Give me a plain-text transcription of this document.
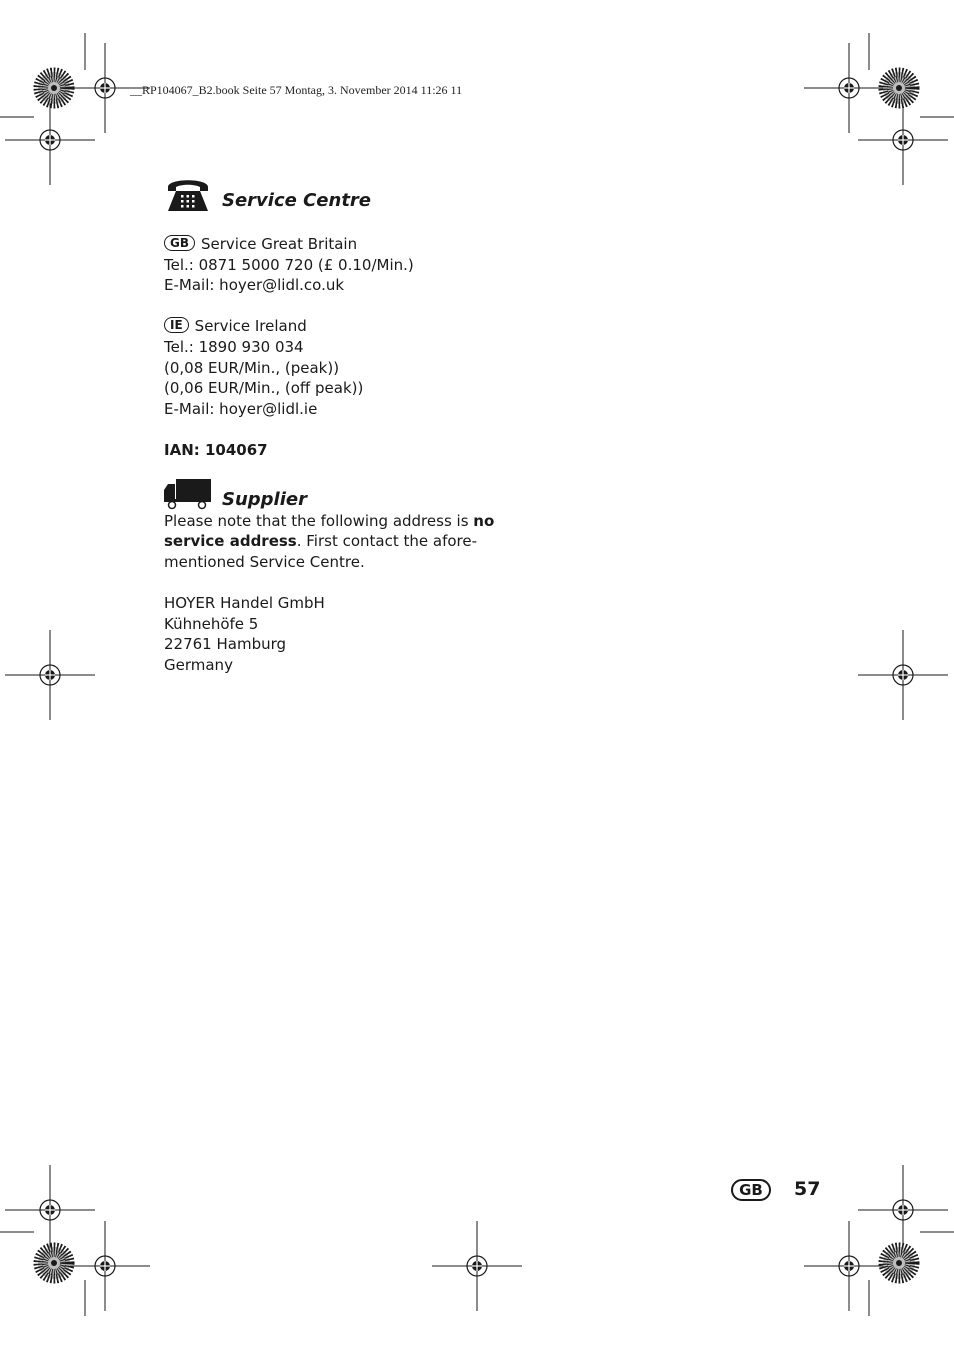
__RP104067_B2.book Seite 57 Montag, 3. November 2014 11:26 11
Service Centre
GB Service Great Britain
Tel.: 0871 5000 720 (£ 0.10/Min.)
E-Mail: hoyer@lidl.co.uk
IE Service Ireland
Tel.: 1890 930 034
(0,08 EUR/Min., (peak))
(0,06 EUR/Min., (off peak))
E-Mail: hoyer@lidl.ie
IAN: 104067
Supplier
Please note that the following address is no
service address. First contact the afore-
mentioned Service Centre.
HOYER Handel GmbH
Kühnehöfe 5
22761 Hamburg
Germany
GB	57
